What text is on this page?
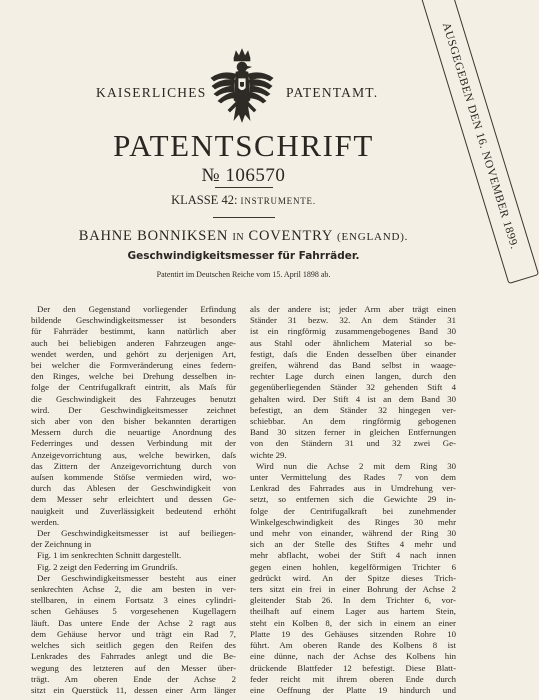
KAISERLICHES	PATENTAMT.	AUSGEGEBEN DEN 16. NOVEMBER 1899.
PATENTSCHRIFT
№ 106570
KLASSE 42: INSTRUMENTE.
BAHNE BONNIKSEN IN COVENTRY (ENGLAND).
Geschwindigkeitsmesser für Fahrräder.
Patentirt im Deutschen Reiche vom 15. April 1898 ab.
Der den Gegenstand vorliegender Erfindung
bildende Geschwindigkeitsmesser ist besonders
für Fahrräder bestimmt, kann natürlich aber
auch bei beliebigen anderen Fahrzeugen ange-
wendet werden, und gehört zu derjenigen Art,
bei welcher die Formveränderung eines federn-
den Ringes, welche bei Drehung desselben in-
folge der Centrifugalkraft eintritt, als Maſs für
die Geschwindigkeit des Fahrzeuges benutzt
wird. Der Geschwindigkeitsmesser zeichnet
sich aber von den bisher bekannten derartigen
Messern durch die neuartige Anordnung des
Federringes und dessen Verbindung mit der
Anzeigevorrichtung aus, welche bewirken, daſs
das Zittern der Anzeigevorrichtung durch von
auſsen kommende Stöſse vermieden wird, wo-
durch das Ablesen der Geschwindigkeit von
dem Messer sehr erleichtert und dessen Ge-
nauigkeit und Zuverlässigkeit bedeutend erhöht
werden.
Der Geschwindigkeitsmesser ist auf beiliegen-
der Zeichnung in
Fig. 1 im senkrechten Schnitt dargestellt.
Fig. 2 zeigt den Federring im Grundriſs.
Der Geschwindigkeitsmesser besteht aus einer
senkrechten Achse 2, die am besten in ver-
stellbaren, in einem Fortsatz 3 eines cylindri-
schen Gehäuses 5 vorgesehenen Kugellagern
läuft. Das untere Ende der Achse 2 ragt aus
dem Gehäuse hervor und trägt ein Rad 7,
welches sich seitlich gegen den Reifen des
Lenkrades des Fahrrades anlegt und die Be-
wegung des letzteren auf den Messer über-
trägt. Am oberen Ende der Achse 2
sitzt ein Querstück 11, dessen einer Arm länger
als der andere ist; jeder Arm aber trägt einen
Ständer 31 bezw. 32. An dem Ständer 31
ist ein ringförmig zusammengebogenes Band 30
aus Stahl oder ähnlichem Material so be-
festigt, daſs die Enden desselben über einander
greifen, während das Band selbst in waage-
rechter Lage durch einen langen, durch den
gegenüberliegenden Ständer 32 gehenden Stift 4
gehalten wird. Der Stift 4 ist an dem Band 30
befestigt, an dem Ständer 32 hingegen ver-
schiebbar. An dem ringförmig gebogenen
Band 30 sitzen ferner in gleichen Entfernungen
von den Ständern 31 und 32 zwei Ge-
wichte 29.
Wird nun die Achse 2 mit dem Ring 30
unter Vermittelung des Rades 7 von dem
Lenkrad des Fahrrades aus in Umdrehung ver-
setzt, so entfernen sich die Gewichte 29 in-
folge der Centrifugalkraft bei zunehmender
Winkelgeschwindigkeit des Ringes 30 mehr
und mehr von einander, während der Ring 30
sich an der Stelle des Stiftes 4 mehr und
mehr abflacht, wobei der Stift 4 nach innen
gegen einen hohlen, kegelförmigen Trichter 6
gedrückt wird. An der Spitze dieses Trich-
ters sitzt ein frei in einer Bohrung der Achse 2
gleitender Stab 26. In dem Trichter 6, vor-
theilhaft auf einem Lager aus hartem Stein,
steht ein Kolben 8, der sich in einem an einer
Platte 19 des Gehäuses sitzenden Rohre 10
führt. Am oberen Rande des Kolbens 8 ist
eine dünne, nach der Achse des Kolbens hin
drückende Blattfeder 12 befestigt. Diese Blatt-
feder reicht mit ihrem oberen Ende durch
eine Oeffnung der Platte 19 hindurch und
